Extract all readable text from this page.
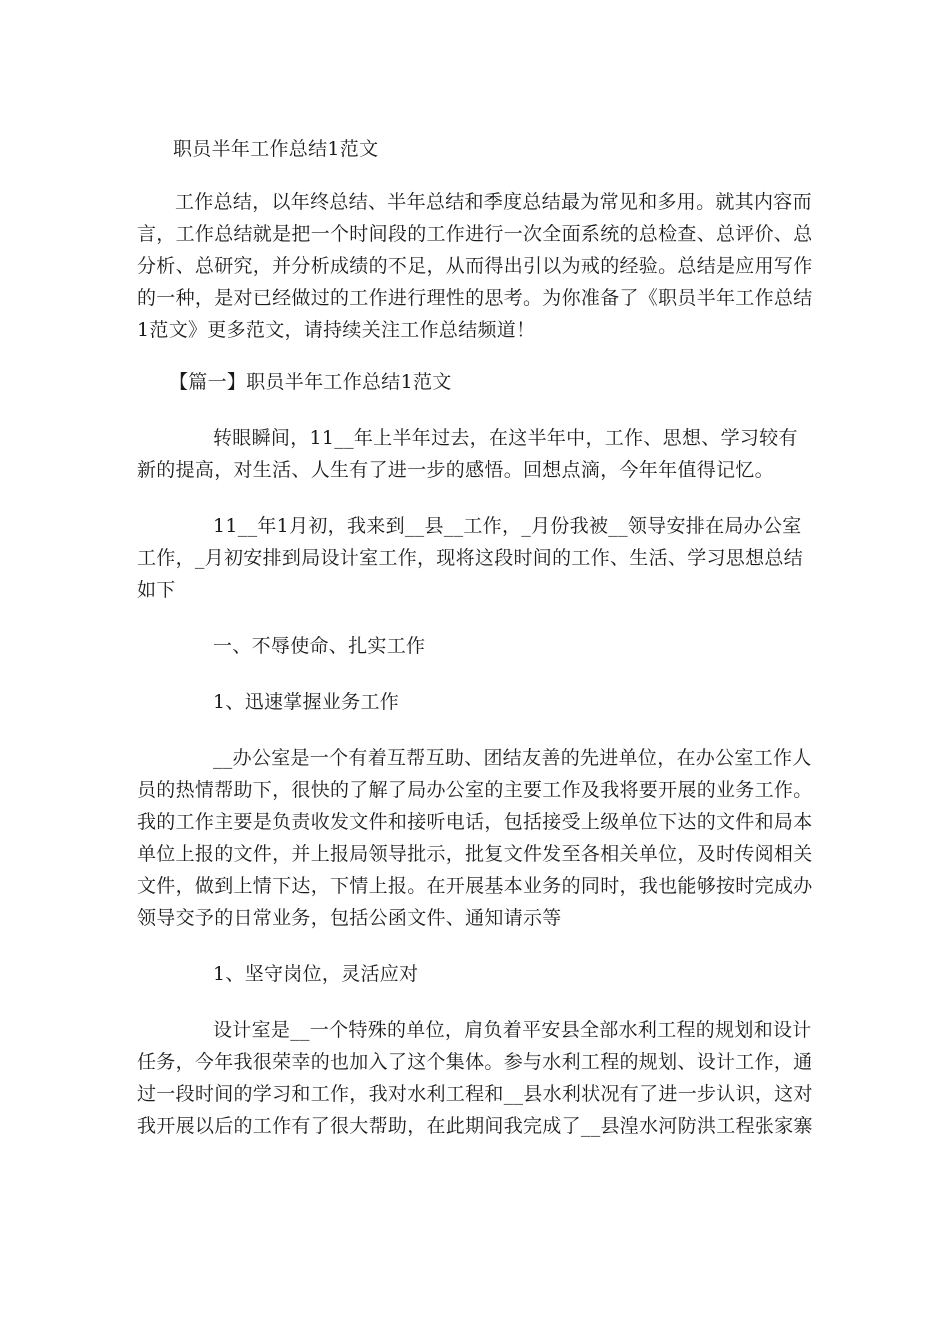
职员半年工作总结1范文

工作总结，以年终总结、半年总结和季度总结最为常见和多用。就其内容而言，工作总结就是把一个时间段的工作进行一次全面系统的总检查、总评价、总分析、总研究，并分析成绩的不足，从而得出引以为戒的经验。总结是应用写作的一种，是对已经做过的工作进行理性的思考。为你准备了《职员半年工作总结1范文》更多范文，请持续关注工作总结频道！

【篇一】职员半年工作总结1范文

转眼瞬间，11__年上半年过去，在这半年中，工作、思想、学习较有新的提高，对生活、人生有了进一步的感悟。回想点滴，今年年值得记忆。

11__年1月初，我来到__县__工作，_月份我被__领导安排在局办公室工作，_月初安排到局设计室工作，现将这段时间的工作、生活、学习思想总结如下

一、不辱使命、扎实工作

1、迅速掌握业务工作

__办公室是一个有着互帮互助、团结友善的先进单位，在办公室工作人员的热情帮助下，很快的了解了局办公室的主要工作及我将要开展的业务工作。我的工作主要是负责收发文件和接听电话，包括接受上级单位下达的文件和局本单位上报的文件，并上报局领导批示，批复文件发至各相关单位，及时传阅相关文件，做到上情下达，下情上报。在开展基本业务的同时，我也能够按时完成办领导交予的日常业务，包括公函文件、通知请示等

1、坚守岗位，灵活应对

设计室是__一个特殊的单位，肩负着平安县全部水利工程的规划和设计任务，今年我很荣幸的也加入了这个集体。参与水利工程的规划、设计工作，通过一段时间的学习和工作，我对水利工程和__县水利状况有了进一步认识，这对我开展以后的工作有了很大帮助，在此期间我完成了__县湟水河防洪工程张家寨
